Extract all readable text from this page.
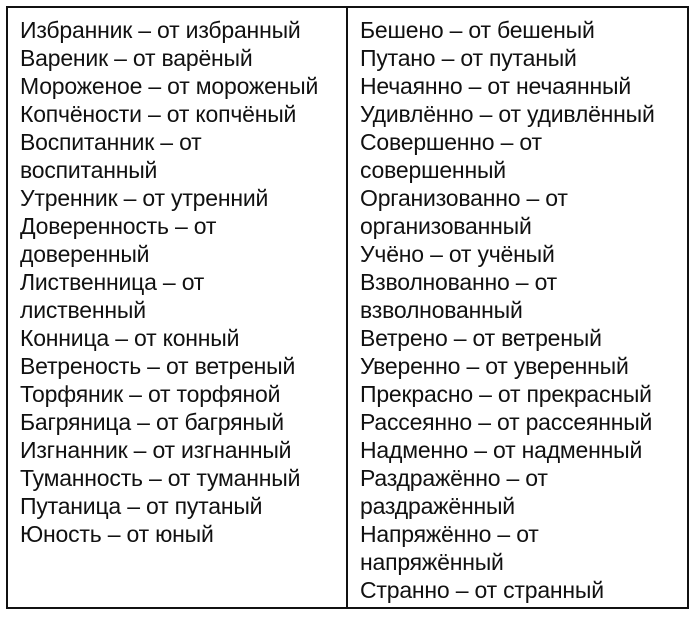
Избранник – от избранный
Вареник – от варёный
Мороженое – от мороженый
Копчёности – от копчёный
Воспитанник – от
воспитанный
Утренник – от утренний
Доверенность – от
доверенный
Лиственница – от
лиственный
Конница – от конный
Ветреность – от ветреный
Торфяник – от торфяной
Багряница – от багряный
Изгнанник – от изгнанный
Туманность – от туманный
Путаница – от путаный
Юность – от юный
Бешено – от бешеный
Путано – от путаный
Нечаянно – от нечаянный
Удивлённо – от удивлённый
Совершенно – от
совершенный
Организованно – от
организованный
Учёно – от учёный
Взволнованно – от
взволнованный
Ветрено – от ветреный
Уверенно – от уверенный
Прекрасно – от прекрасный
Рассеянно – от рассеянный
Надменно – от надменный
Раздражённо – от
раздражённый
Напряжённо – от
напряжённый
Странно – от странный
